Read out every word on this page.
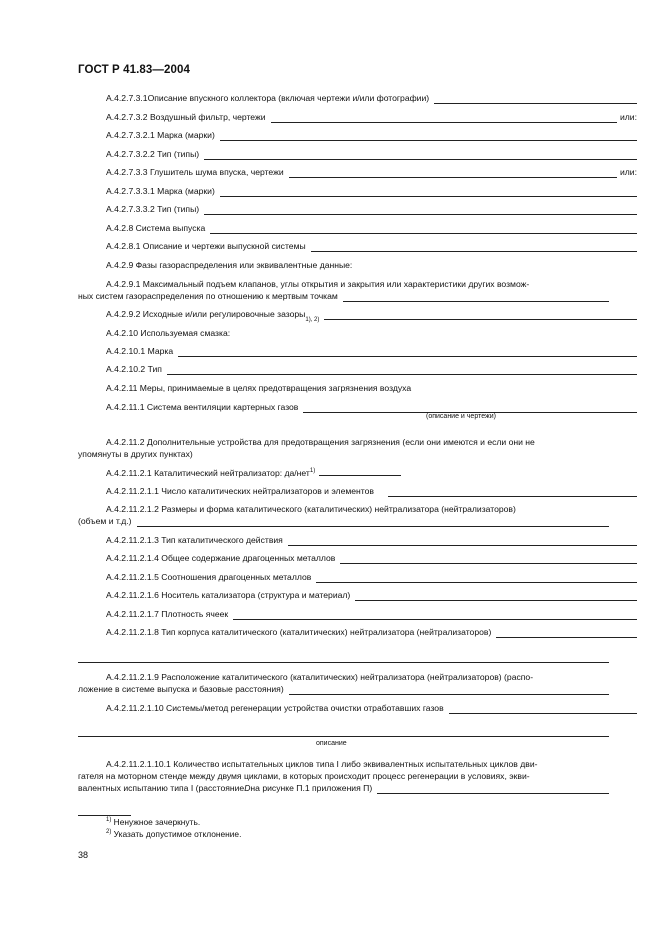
ГОСТ Р 41.83—2004
А.4.2.7.3.1Описание впускного коллектора (включая чертежи и/или фотографии)
А.4.2.7.3.2 Воздушный фильтр, чертежи	или:
А.4.2.7.3.2.1 Марка (марки)
А.4.2.7.3.2.2 Тип (типы)
А.4.2.7.3.3 Глушитель шума впуска, чертежи	или:
А.4.2.7.3.3.1 Марка (марки)
А.4.2.7.3.3.2 Тип (типы)
А.4.2.8 Система выпуска
А.4.2.8.1 Описание и чертежи выпускной системы
А.4.2.9 Фазы газораспределения или эквивалентные данные:
А.4.2.9.1 Максимальный подъем клапанов, углы открытия и закрытия или характеристики других возмож-
ных систем газораспределения по отношению к мертвым точкам
А.4.2.9.2 Исходные и/или регулировочные зазоры
1), 2)
А.4.2.10 Используемая смазка:
А.4.2.10.1 Марка
А.4.2.10.2 Тип
А.4.2.11 Меры, принимаемые в целях предотвращения загрязнения воздуха
А.4.2.11.1 Система вентиляции картерных газов
(описание и чертежи)
А.4.2.11.2 Дополнительные устройства для предотвращения загрязнения (если они имеются и если они не
упомянуты в других пунктах)
А.4.2.11.2.1 Каталитический нейтрализатор: да/нет$^{1)}$
А.4.2.11.2.1.1 Число каталитических нейтрализаторов и элементов
А.4.2.11.2.1.2 Размеры и форма каталитического (каталитических) нейтрализатора (нейтрализаторов)
(объем и т.д.)
А.4.2.11.2.1.3 Тип каталитического действия
А.4.2.11.2.1.4 Общее содержание драгоценных металлов
А.4.2.11.2.1.5 Соотношения драгоценных металлов
А.4.2.11.2.1.6 Носитель катализатора (структура и материал)
А.4.2.11.2.1.7 Плотность ячеек
А.4.2.11.2.1.8 Тип корпуса каталитического (каталитических) нейтрализатора (нейтрализаторов)
А.4.2.11.2.1.9 Расположение каталитического (каталитических) нейтрализатора (нейтрализаторов) (распо-
ложение в системе выпуска и базовые расстояния)
А.4.2.11.2.1.10 Системы/метод регенерации устройства очистки отработавших газов
описание
А.4.2.11.2.1.10.1 Количество испытательных циклов типа I либо эквивалентных испытательных циклов дви-
гателя на моторном стенде между двумя циклами, в которых происходит процесс регенерации в условиях, экви-
валентных испытанию типа I (расстояние D на рисунке П.1 приложения П)
$^{1)}$ Ненужное зачеркнуть.
$^{2)}$ Указать допустимое отклонение.
38
